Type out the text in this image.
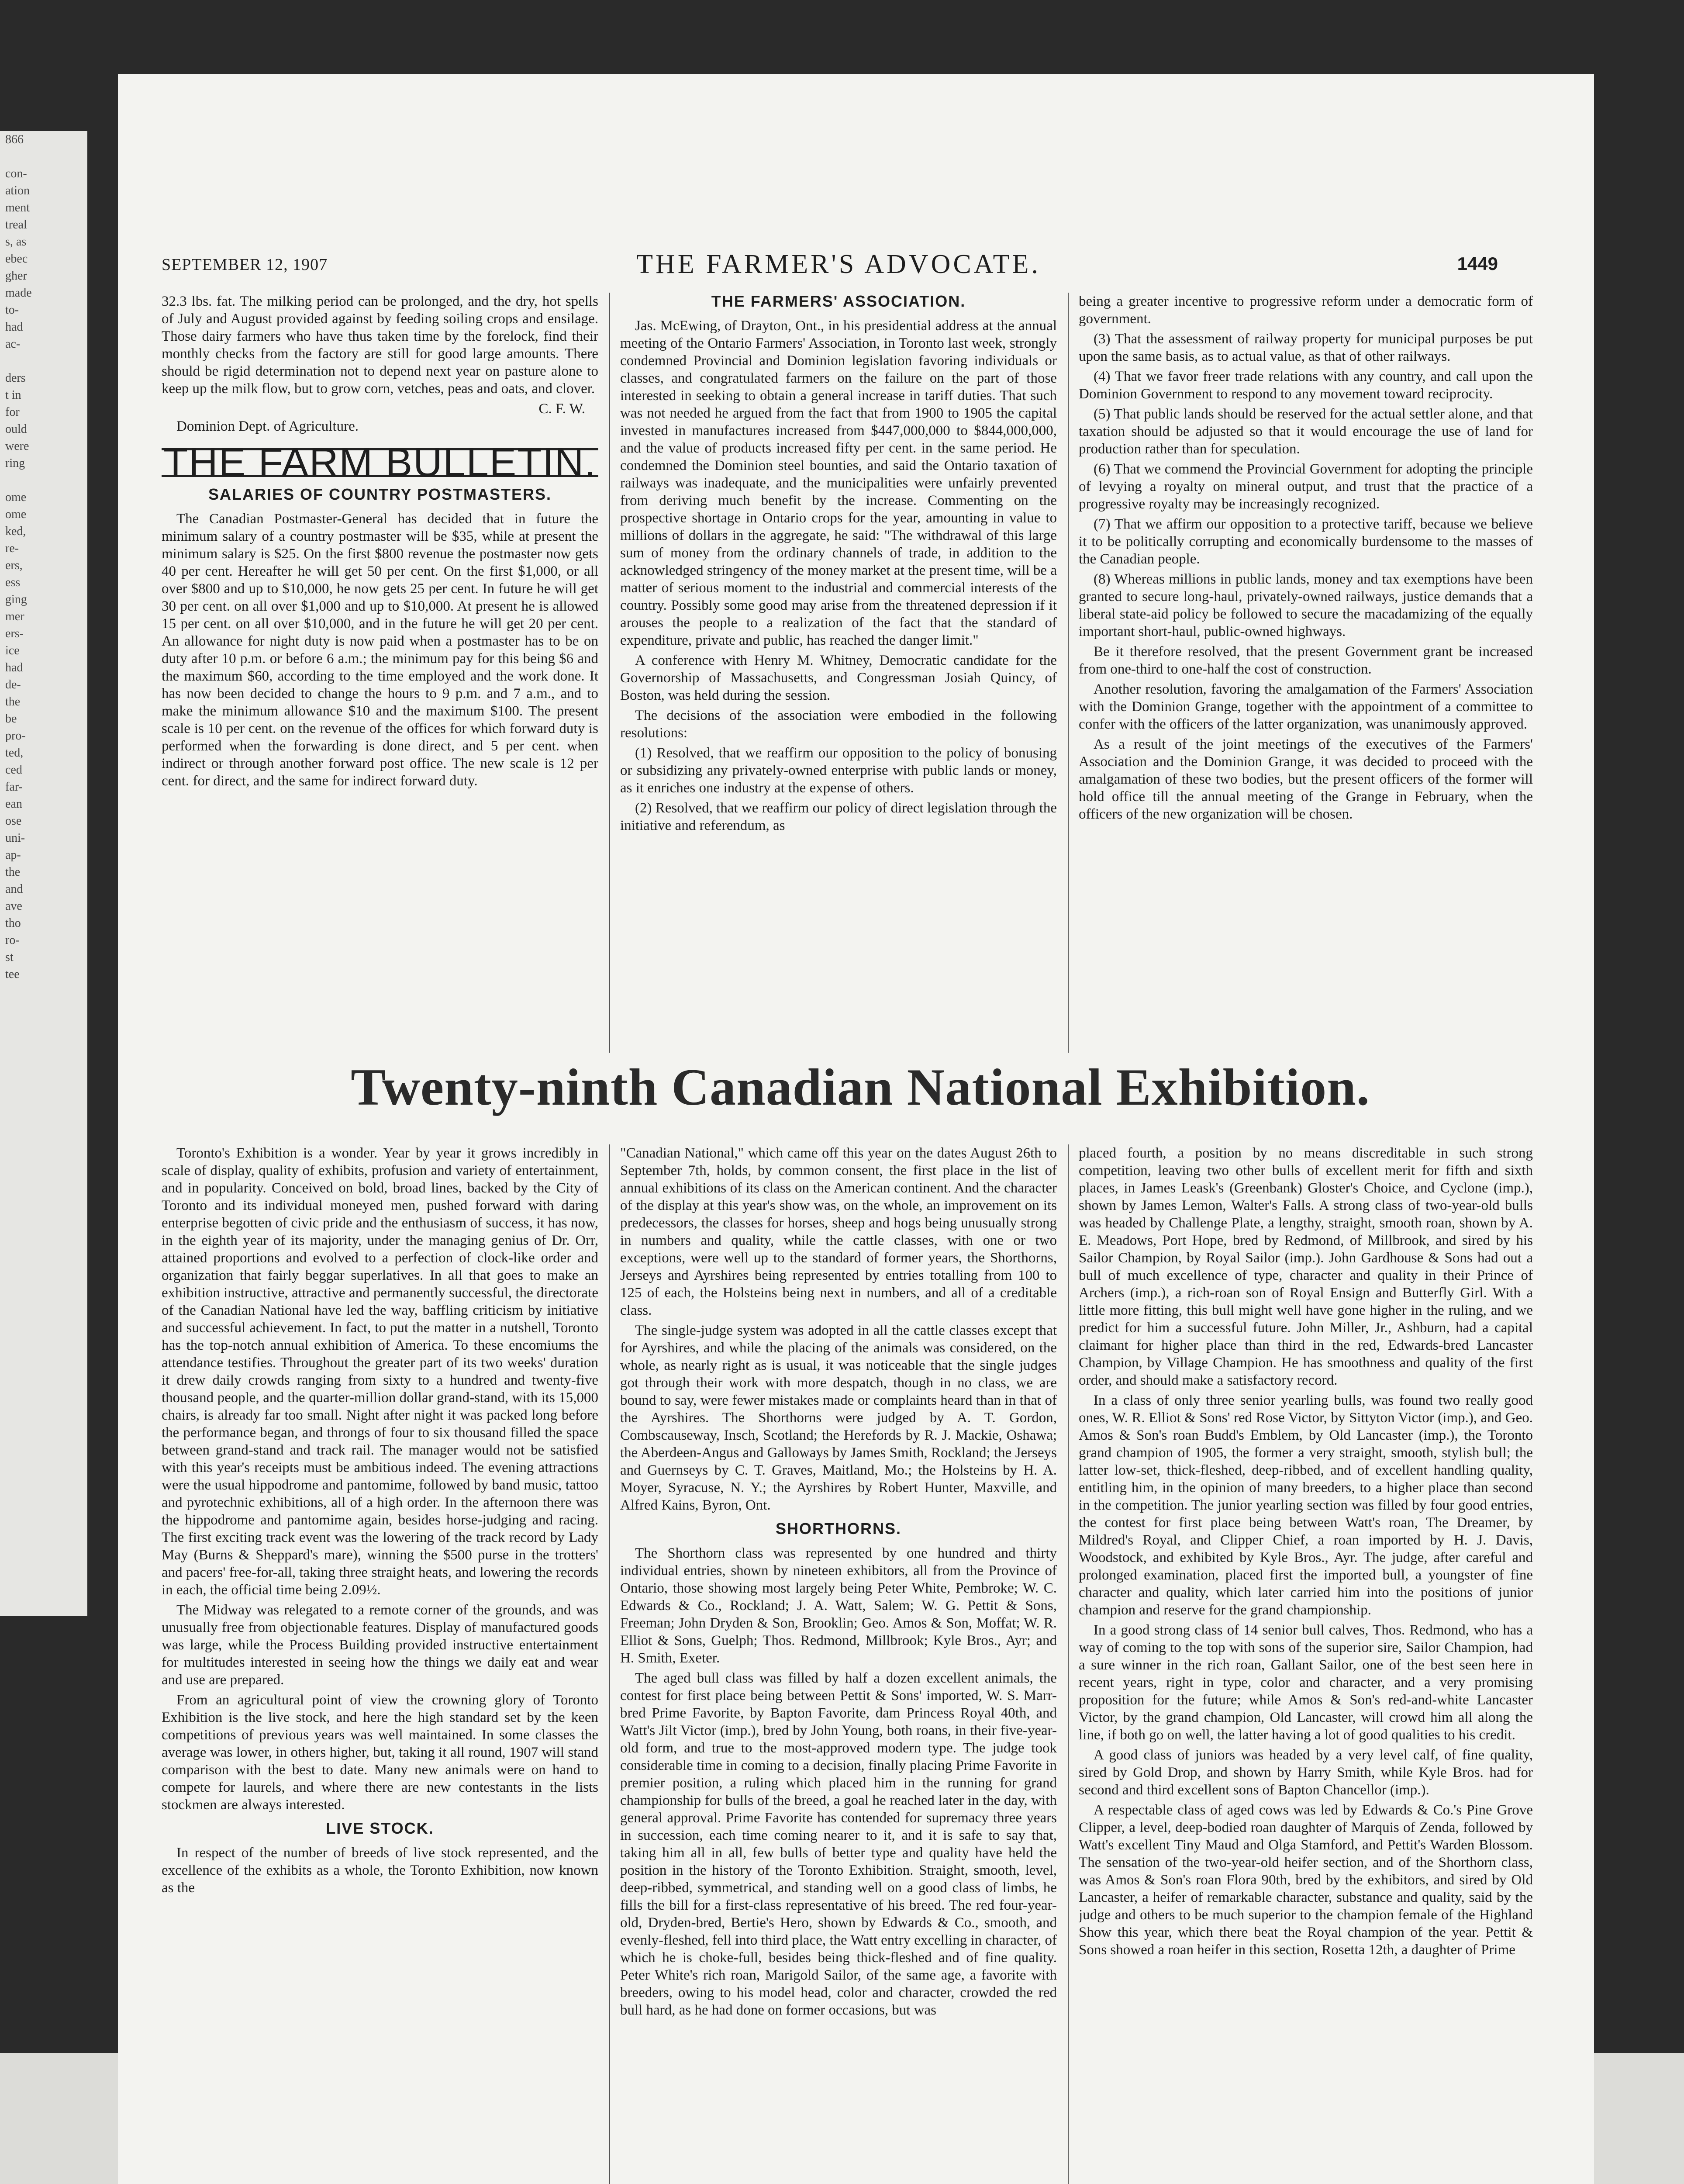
866

con-
ation
ment
treal
s, as
ebec
gher
made
to-
had
ac-

ders
t in
for
ould
were
ring

ome
ome
ked,
re-
ers,
ess
ging
mer
ers-
ice
had
de-
the
be
pro-
ted,
ced
far-
ean
ose
uni-
ap-
the
and
ave
tho
ro-
st
tee
SEPTEMBER 12, 1907	THE FARMER'S ADVOCATE.	1449

32.3 lbs. fat. The milking period can be prolonged, and the dry, hot spells of July and August provided against by feeding soiling crops and ensilage. Those dairy farmers who have thus taken time by the forelock, find their monthly checks from the factory are still for good large amounts. There should be rigid determination not to depend next year on pasture alone to keep up the milk flow, but to grow corn, vetches, peas and oats, and clover.

C. F. W.

Dominion Dept. of Agriculture.

THE FARM BULLETIN.
SALARIES OF COUNTRY POSTMASTERS.

The Canadian Postmaster-General has decided that in future the minimum salary of a country postmaster will be $35, while at present the minimum salary is $25. On the first $800 revenue the postmaster now gets 40 per cent. Hereafter he will get 50 per cent. On the first $1,000, or all over $800 and up to $10,000, he now gets 25 per cent. In future he will get 30 per cent. on all over $1,000 and up to $10,000. At present he is allowed 15 per cent. on all over $10,000, and in the future he will get 20 per cent. An allowance for night duty is now paid when a postmaster has to be on duty after 10 p.m. or before 6 a.m.; the minimum pay for this being $6 and the maximum $60, according to the time employed and the work done. It has now been decided to change the hours to 9 p.m. and 7 a.m., and to make the minimum allowance $10 and the maximum $100. The present scale is 10 per cent. on the revenue of the offices for which forward duty is performed when the forwarding is done direct, and 5 per cent. when indirect or through another forward post office. The new scale is 12 per cent. for direct, and the same for indirect forward duty.

THE FARMERS' ASSOCIATION.

Jas. McEwing, of Drayton, Ont., in his presidential address at the annual meeting of the Ontario Farmers' Association, in Toronto last week, strongly condemned Provincial and Dominion legislation favoring individuals or classes, and congratulated farmers on the failure on the part of those interested in seeking to obtain a general increase in tariff duties. That such was not needed he argued from the fact that from 1900 to 1905 the capital invested in manufactures increased from $447,000,000 to $844,000,000, and the value of products increased fifty per cent. in the same period. He condemned the Dominion steel bounties, and said the Ontario taxation of railways was inadequate, and the municipalities were unfairly prevented from deriving much benefit by the increase. Commenting on the prospective shortage in Ontario crops for the year, amounting in value to millions of dollars in the aggregate, he said: "The withdrawal of this large sum of money from the ordinary channels of trade, in addition to the acknowledged stringency of the money market at the present time, will be a matter of serious moment to the industrial and commercial interests of the country. Possibly some good may arise from the threatened depression if it arouses the people to a realization of the fact that the standard of expenditure, private and public, has reached the danger limit."

A conference with Henry M. Whitney, Democratic candidate for the Governorship of Massachusetts, and Congressman Josiah Quincy, of Boston, was held during the session.

The decisions of the association were embodied in the following resolutions:

(1) Resolved, that we reaffirm our opposition to the policy of bonusing or subsidizing any privately-owned enterprise with public lands or money, as it enriches one industry at the expense of others.

(2) Resolved, that we reaffirm our policy of direct legislation through the initiative and referendum, as

being a greater incentive to progressive reform under a democratic form of government.

(3) That the assessment of railway property for municipal purposes be put upon the same basis, as to actual value, as that of other railways.

(4) That we favor freer trade relations with any country, and call upon the Dominion Government to respond to any movement toward reciprocity.

(5) That public lands should be reserved for the actual settler alone, and that taxation should be adjusted so that it would encourage the use of land for production rather than for speculation.

(6) That we commend the Provincial Government for adopting the principle of levying a royalty on mineral output, and trust that the practice of a progressive royalty may be increasingly recognized.

(7) That we affirm our opposition to a protective tariff, because we believe it to be politically corrupting and economically burdensome to the masses of the Canadian people.

(8) Whereas millions in public lands, money and tax exemptions have been granted to secure long-haul, privately-owned railways, justice demands that a liberal state-aid policy be followed to secure the macadamizing of the equally important short-haul, public-owned highways.

Be it therefore resolved, that the present Government grant be increased from one-third to one-half the cost of construction.

Another resolution, favoring the amalgamation of the Farmers' Association with the Dominion Grange, together with the appointment of a committee to confer with the officers of the latter organization, was unanimously approved.

As a result of the joint meetings of the executives of the Farmers' Association and the Dominion Grange, it was decided to proceed with the amalgamation of these two bodies, but the present officers of the former will hold office till the annual meeting of the Grange in February, when the officers of the new organization will be chosen.

Twenty-ninth Canadian National Exhibition.

Toronto's Exhibition is a wonder. Year by year it grows incredibly in scale of display, quality of exhibits, profusion and variety of entertainment, and in popularity. Conceived on bold, broad lines, backed by the City of Toronto and its individual moneyed men, pushed forward with daring enterprise begotten of civic pride and the enthusiasm of success, it has now, in the eighth year of its majority, under the managing genius of Dr. Orr, attained proportions and evolved to a perfection of clock-like order and organization that fairly beggar superlatives. In all that goes to make an exhibition instructive, attractive and permanently successful, the directorate of the Canadian National have led the way, baffling criticism by initiative and successful achievement. In fact, to put the matter in a nutshell, Toronto has the top-notch annual exhibition of America. To these encomiums the attendance testifies. Throughout the greater part of its two weeks' duration it drew daily crowds ranging from sixty to a hundred and twenty-five thousand people, and the quarter-million dollar grand-stand, with its 15,000 chairs, is already far too small. Night after night it was packed long before the performance began, and throngs of four to six thousand filled the space between grand-stand and track rail. The manager would not be satisfied with this year's receipts must be ambitious indeed. The evening attractions were the usual hippodrome and pantomime, followed by band music, tattoo and pyrotechnic exhibitions, all of a high order. In the afternoon there was the hippodrome and pantomime again, besides horse-judging and racing. The first exciting track event was the lowering of the track record by Lady May (Burns & Sheppard's mare), winning the $500 purse in the trotters' and pacers' free-for-all, taking three straight heats, and lowering the records in each, the official time being 2.09½.

The Midway was relegated to a remote corner of the grounds, and was unusually free from objectionable features. Display of manufactured goods was large, while the Process Building provided instructive entertainment for multitudes interested in seeing how the things we daily eat and wear and use are prepared.

From an agricultural point of view the crowning glory of Toronto Exhibition is the live stock, and here the high standard set by the keen competitions of previous years was well maintained. In some classes the average was lower, in others higher, but, taking it all round, 1907 will stand comparison with the best to date. Many new animals were on hand to compete for laurels, and where there are new contestants in the lists stockmen are always interested.

LIVE STOCK.

In respect of the number of breeds of live stock represented, and the excellence of the exhibits as a whole, the Toronto Exhibition, now known as the

"Canadian National," which came off this year on the dates August 26th to September 7th, holds, by common consent, the first place in the list of annual exhibitions of its class on the American continent. And the character of the display at this year's show was, on the whole, an improvement on its predecessors, the classes for horses, sheep and hogs being unusually strong in numbers and quality, while the cattle classes, with one or two exceptions, were well up to the standard of former years, the Shorthorns, Jerseys and Ayrshires being represented by entries totalling from 100 to 125 of each, the Holsteins being next in numbers, and all of a creditable class.

The single-judge system was adopted in all the cattle classes except that for Ayrshires, and while the placing of the animals was considered, on the whole, as nearly right as is usual, it was noticeable that the single judges got through their work with more despatch, though in no class, we are bound to say, were fewer mistakes made or complaints heard than in that of the Ayrshires. The Shorthorns were judged by A. T. Gordon, Combscauseway, Insch, Scotland; the Herefords by R. J. Mackie, Oshawa; the Aberdeen-Angus and Galloways by James Smith, Rockland; the Jerseys and Guernseys by C. T. Graves, Maitland, Mo.; the Holsteins by H. A. Moyer, Syracuse, N. Y.; the Ayrshires by Robert Hunter, Maxville, and Alfred Kains, Byron, Ont.

SHORTHORNS.

The Shorthorn class was represented by one hundred and thirty individual entries, shown by nineteen exhibitors, all from the Province of Ontario, those showing most largely being Peter White, Pembroke; W. C. Edwards & Co., Rockland; J. A. Watt, Salem; W. G. Pettit & Sons, Freeman; John Dryden & Son, Brooklin; Geo. Amos & Son, Moffat; W. R. Elliot & Sons, Guelph; Thos. Redmond, Millbrook; Kyle Bros., Ayr; and H. Smith, Exeter.

The aged bull class was filled by half a dozen excellent animals, the contest for first place being between Pettit & Sons' imported, W. S. Marr-bred Prime Favorite, by Bapton Favorite, dam Princess Royal 40th, and Watt's Jilt Victor (imp.), bred by John Young, both roans, in their five-year-old form, and true to the most-approved modern type. The judge took considerable time in coming to a decision, finally placing Prime Favorite in premier position, a ruling which placed him in the running for grand championship for bulls of the breed, a goal he reached later in the day, with general approval. Prime Favorite has contended for supremacy three years in succession, each time coming nearer to it, and it is safe to say that, taking him all in all, few bulls of better type and quality have held the position in the history of the Toronto Exhibition. Straight, smooth, level, deep-ribbed, symmetrical, and standing well on a good class of limbs, he fills the bill for a first-class representative of his breed. The red four-year-old, Dryden-bred, Bertie's Hero, shown by Edwards & Co., smooth, and evenly-fleshed, fell into third place, the Watt entry excelling in character, of which he is choke-full, besides being thick-fleshed and of fine quality. Peter White's rich roan, Marigold Sailor, of the same age, a favorite with breeders, owing to his model head, color and character, crowded the red bull hard, as he had done on former occasions, but was

placed fourth, a position by no means discreditable in such strong competition, leaving two other bulls of excellent merit for fifth and sixth places, in James Leask's (Greenbank) Gloster's Choice, and Cyclone (imp.), shown by James Lemon, Walter's Falls. A strong class of two-year-old bulls was headed by Challenge Plate, a lengthy, straight, smooth roan, shown by A. E. Meadows, Port Hope, bred by Redmond, of Millbrook, and sired by his Sailor Champion, by Royal Sailor (imp.). John Gardhouse & Sons had out a bull of much excellence of type, character and quality in their Prince of Archers (imp.), a rich-roan son of Royal Ensign and Butterfly Girl. With a little more fitting, this bull might well have gone higher in the ruling, and we predict for him a successful future. John Miller, Jr., Ashburn, had a capital claimant for higher place than third in the red, Edwards-bred Lancaster Champion, by Village Champion. He has smoothness and quality of the first order, and should make a satisfactory record.

In a class of only three senior yearling bulls, was found two really good ones, W. R. Elliot & Sons' red Rose Victor, by Sittyton Victor (imp.), and Geo. Amos & Son's roan Budd's Emblem, by Old Lancaster (imp.), the Toronto grand champion of 1905, the former a very straight, smooth, stylish bull; the latter low-set, thick-fleshed, deep-ribbed, and of excellent handling quality, entitling him, in the opinion of many breeders, to a higher place than second in the competition. The junior yearling section was filled by four good entries, the contest for first place being between Watt's roan, The Dreamer, by Mildred's Royal, and Clipper Chief, a roan imported by H. J. Davis, Woodstock, and exhibited by Kyle Bros., Ayr. The judge, after careful and prolonged examination, placed first the imported bull, a youngster of fine character and quality, which later carried him into the positions of junior champion and reserve for the grand championship.

In a good strong class of 14 senior bull calves, Thos. Redmond, who has a way of coming to the top with sons of the superior sire, Sailor Champion, had a sure winner in the rich roan, Gallant Sailor, one of the best seen here in recent years, right in type, color and character, and a very promising proposition for the future; while Amos & Son's red-and-white Lancaster Victor, by the grand champion, Old Lancaster, will crowd him all along the line, if both go on well, the latter having a lot of good qualities to his credit.

A good class of juniors was headed by a very level calf, of fine quality, sired by Gold Drop, and shown by Harry Smith, while Kyle Bros. had for second and third excellent sons of Bapton Chancellor (imp.).

A respectable class of aged cows was led by Edwards & Co.'s Pine Grove Clipper, a level, deep-bodied roan daughter of Marquis of Zenda, followed by Watt's excellent Tiny Maud and Olga Stamford, and Pettit's Warden Blossom. The sensation of the two-year-old heifer section, and of the Shorthorn class, was Amos & Son's roan Flora 90th, bred by the exhibitors, and sired by Old Lancaster, a heifer of remarkable character, substance and quality, said by the judge and others to be much superior to the champion female of the Highland Show this year, which there beat the Royal champion of the year. Pettit & Sons showed a roan heifer in this section, Rosetta 12th, a daughter of Prime
